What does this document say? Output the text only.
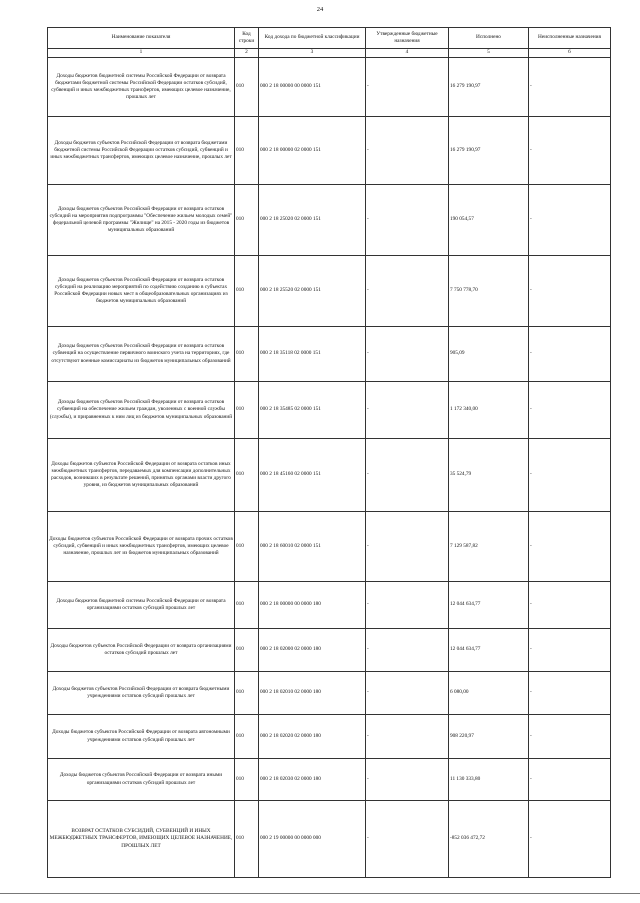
24
Наименование показателя	Код строки	Код дохода по бюджетной классификации	Утвержденные бюджетные назначения	Исполнено	Неисполненные назначения
1	2	3	4	5	6
Доходы бюджетов бюджетной системы Российской Федерации от возврата бюджетами бюджетной системы Российской Федерации остатков субсидий, субвенций и иных межбюджетных трансфертов, имеющих целевое назначение, прошлых лет	010	000 2 18 00000 00 0000 151	-	16 279 190,97	-
Доходы бюджетов субъектов Российской Федерации от возврата бюджетами бюджетной системы Российской Федерации остатков субсидий, субвенций и иных межбюджетных трансфертов, имеющих целевое назначение, прошлых лет	010	000 2 18 00000 02 0000 151	-	16 279 190,97	-
Доходы бюджетов субъектов Российской Федерации от возврата остатков субсидий на мероприятия подпрограммы "Обеспечение жильем молодых семей" федеральной целевой программы "Жилище" на 2015 - 2020 годы из бюджетов муниципальных образований	010	000 2 18 25020 02 0000 151	-	190 054,57	-
Доходы бюджетов субъектов Российской Федерации от возврата остатков субсидий на реализацию мероприятий по содействию созданию в субъектах Российской Федерации новых мест в общеобразовательных организациях из бюджетов муниципальных образований	010	000 2 18 25520 02 0000 151	-	7 750 778,70	-
Доходы бюджетов субъектов Российской Федерации от возврата остатков субвенций на осуществление первичного воинского учета на территориях, где отсутствуют военные комиссариаты из бюджетов муниципальных образований	010	000 2 18 35118 02 0000 151	-	905,09	-
Доходы бюджетов субъектов Российской Федерации от возврата остатков субвенций на обеспечение жильем граждан, уволенных с военной службы (службы), и приравненных к ним лиц из бюджетов муниципальных образований	010	000 2 18 35485 02 0000 151	-	1 172 340,00	-
Доходы бюджетов субъектов Российской Федерации от возврата остатков иных межбюджетных трансфертов, передаваемых для компенсации дополнительных расходов, возникших в результате решений, принятых органами власти другого уровня, из бюджетов муниципальных образований	010	000 2 18 45160 02 0000 151	-	35 524,79	-
Доходы бюджетов субъектов Российской Федерации от возврата прочих остатков субсидий, субвенций и иных межбюджетных трансфертов, имеющих целевое назначение, прошлых лет из бюджетов муниципальных образований	010	000 2 18 60010 02 0000 151	-	7 129 587,82	-
Доходы бюджетов бюджетной системы Российской Федерации от возврата организациями остатков субсидий прошлых лет	010	000 2 18 00000 00 0000 180	-	12 044 634,77	-
Доходы бюджетов субъектов Российской Федерации от возврата организациями остатков субсидий прошлых лет	010	000 2 18 02000 02 0000 180	-	12 044 634,77	-
Доходы бюджетов субъектов Российской Федерации от возврата бюджетными учреждениями остатков субсидий прошлых лет	010	000 2 18 02010 02 0000 180	-	6 080,00	-
Доходы бюджетов субъектов Российской Федерации от возврата автономными учреждениями остатков субсидий прошлых лет	010	000 2 18 02020 02 0000 180	-	908 220,97	-
Доходы бюджетов субъектов Российской Федерации от возврата иными организациями остатков субсидий прошлых лет	010	000 2 18 02030 02 0000 180	-	11 130 333,80	-
ВОЗВРАТ ОСТАТКОВ СУБСИДИЙ, СУБВЕНЦИЙ И ИНЫХ МЕЖБЮДЖЕТНЫХ ТРАНСФЕРТОВ, ИМЕЮЩИХ ЦЕЛЕВОЕ НАЗНАЧЕНИЕ, ПРОШЛЫХ ЛЕТ	010	000 2 19 00000 00 0000 000	-	-852 036 472,72	-
